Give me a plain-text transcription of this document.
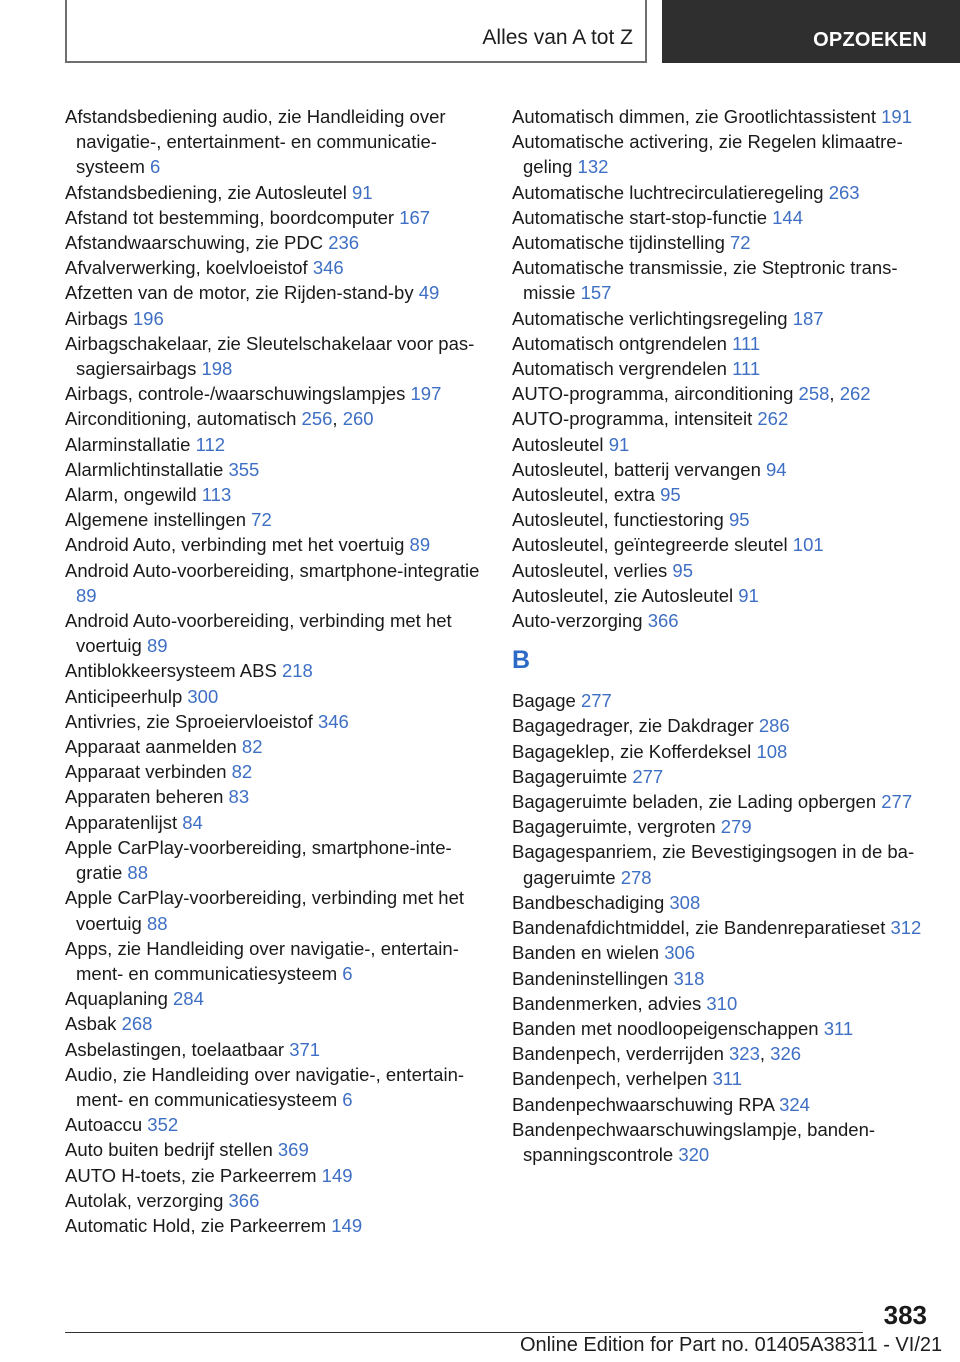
Alles van A tot Z	OPZOEKEN
Afstandsbediening audio, zie Handleiding over navigatie-, entertainment- en communicatiesysteem 6
Afstandsbediening, zie Autosleutel 91
Afstand tot bestemming, boordcomputer 167
Afstandwaarschuwing, zie PDC 236
Afvalverwerking, koelvloeistof 346
Afzetten van de motor, zie Rijden-stand-by 49
Airbags 196
Airbagschakelaar, zie Sleutelschakelaar voor passagiersairbags 198
Airbags, controle-/waarschuwingslampjes 197
Airconditioning, automatisch 256, 260
Alarminstallatie 112
Alarmlichtinstallatie 355
Alarm, ongewild 113
Algemene instellingen 72
Android Auto, verbinding met het voertuig 89
Android Auto-voorbereiding, smartphone-integratie 89
Android Auto-voorbereiding, verbinding met het voertuig 89
Antiblokkeersysteem ABS 218
Anticipeerhulp 300
Antivries, zie Sproeiervloeistof 346
Apparaat aanmelden 82
Apparaat verbinden 82
Apparaten beheren 83
Apparatenlijst 84
Apple CarPlay-voorbereiding, smartphone-integratie 88
Apple CarPlay-voorbereiding, verbinding met het voertuig 88
Apps, zie Handleiding over navigatie-, entertainment- en communicatiesysteem 6
Aquaplaning 284
Asbak 268
Asbelastingen, toelaatbaar 371
Audio, zie Handleiding over navigatie-, entertainment- en communicatiesysteem 6
Autoaccu 352
Auto buiten bedrijf stellen 369
AUTO H-toets, zie Parkeerrem 149
Autolak, verzorging 366
Automatic Hold, zie Parkeerrem 149
Automatisch dimmen, zie Grootlichtassistent 191
Automatische activering, zie Regelen klimaatregeling 132
Automatische luchtrecirculatieregeling 263
Automatische start-stop-functie 144
Automatische tijdinstelling 72
Automatische transmissie, zie Steptronic transmissie 157
Automatische verlichtingsregeling 187
Automatisch ontgrendelen 111
Automatisch vergrendelen 111
AUTO-programma, airconditioning 258, 262
AUTO-programma, intensiteit 262
Autosleutel 91
Autosleutel, batterij vervangen 94
Autosleutel, extra 95
Autosleutel, functiestoring 95
Autosleutel, geïntegreerde sleutel 101
Autosleutel, verlies 95
Autosleutel, zie Autosleutel 91
Auto-verzorging 366
B
Bagage 277
Bagagedrager, zie Dakdrager 286
Bagageklep, zie Kofferdeksel 108
Bagageruimte 277
Bagageruimte beladen, zie Lading opbergen 277
Bagageruimte, vergroten 279
Bagagespanriem, zie Bevestigingsogen in de bagageruimte 278
Bandbeschadiging 308
Bandenafdichtmiddel, zie Bandenreparatieset 312
Banden en wielen 306
Bandeninstellingen 318
Bandenmerken, advies 310
Banden met noodloopeigenschappen 311
Bandenpech, verderrijden 323, 326
Bandenpech, verhelpen 311
Bandenpechwaarschuwing RPA 324
Bandenpechwaarschuwingslampje, bandenspanningscontrole 320
383
Online Edition for Part no. 01405A38311 - VI/21
